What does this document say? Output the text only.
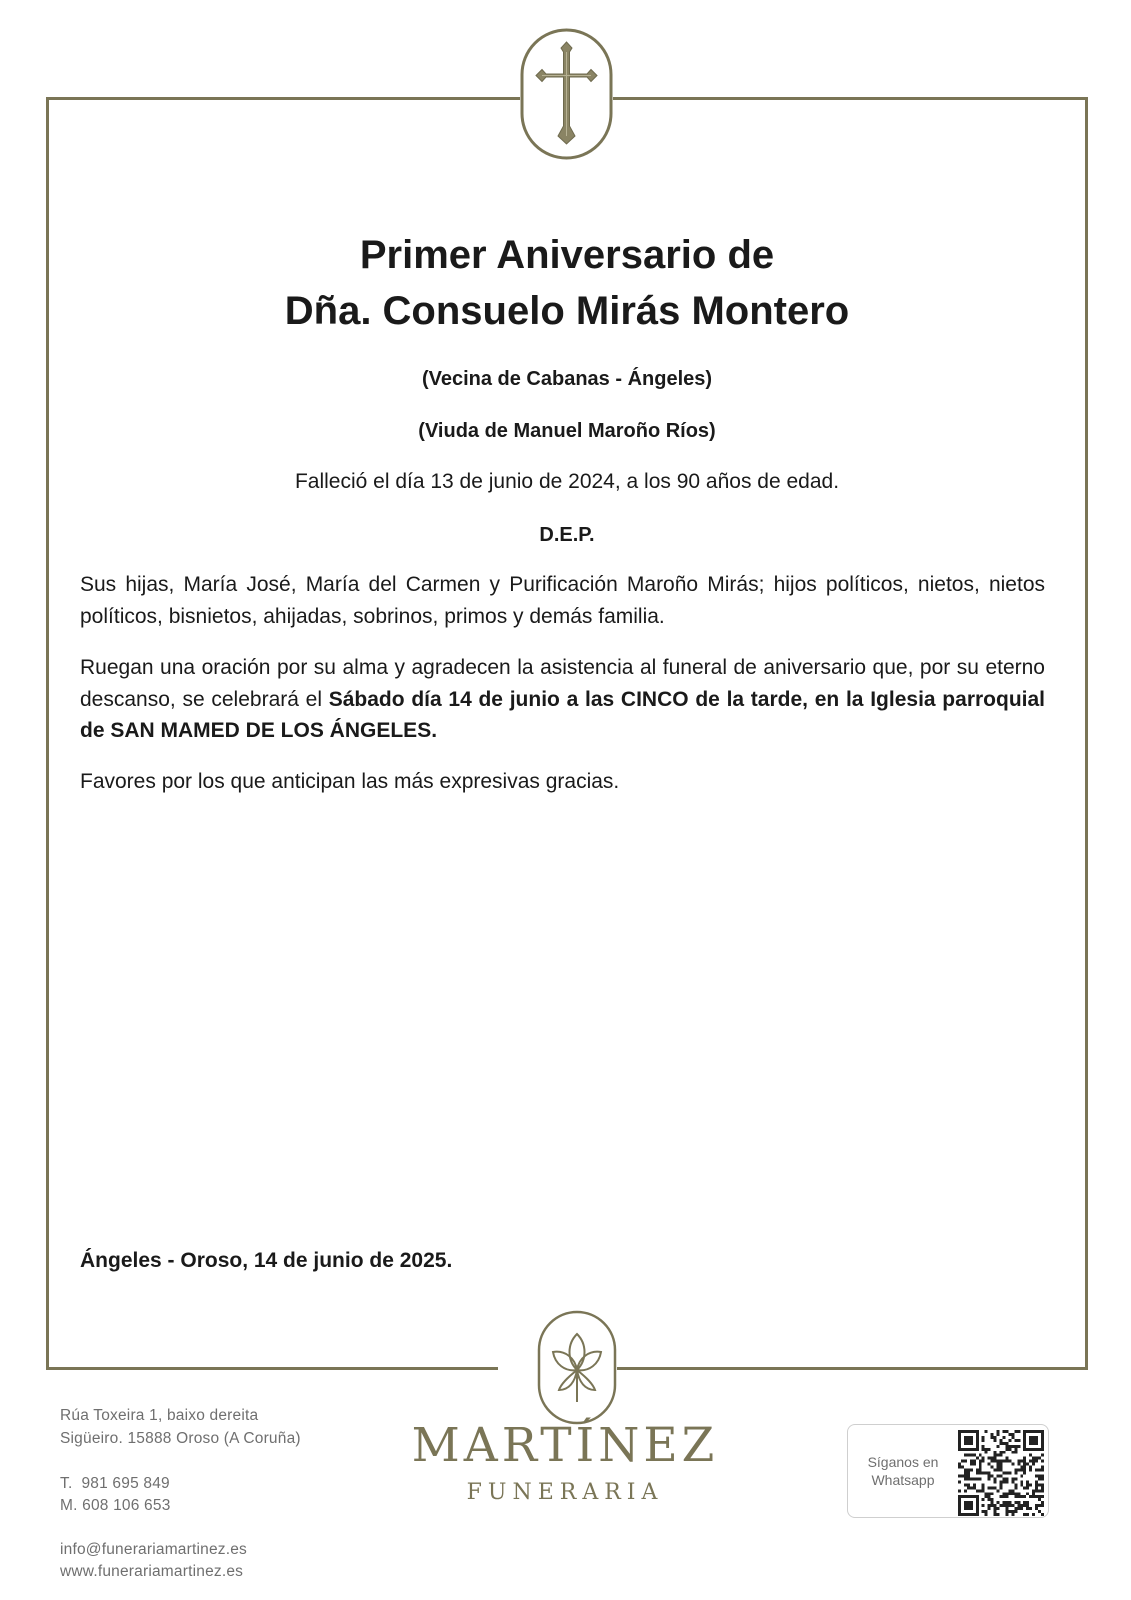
Primer Aniversario de
Dña. Consuelo Mirás Montero
(Vecina de Cabanas - Ángeles)
(Viuda de Manuel Maroño Ríos)
Falleció el día 13 de junio de 2024, a los 90 años de edad.
D.E.P.

Sus hijas, María José, María del Carmen y Purificación Maroño Mirás; hijos políticos, nietos, nietos políticos, bisnietos, ahijadas, sobrinos, primos y demás familia.

Ruegan una oración por su alma y agradecen la asistencia al funeral de aniversario que, por su eterno descanso, se celebrará el Sábado día 14 de junio a las CINCO de la tarde, en la Iglesia parroquial de SAN MAMED DE LOS ÁNGELES.

Favores por los que anticipan las más expresivas gracias.

Ángeles - Oroso, 14 de junio de 2025.

Rúa Toxeira 1, baixo dereita
Sigüeiro. 15888 Oroso (A Coruña)
T.  981 695 849
M. 608 106 653
info@funerariamartinez.es
www.funerariamartinez.es
MARTÍNEZ
FUNERARIA
Síganos en
Whatsapp
